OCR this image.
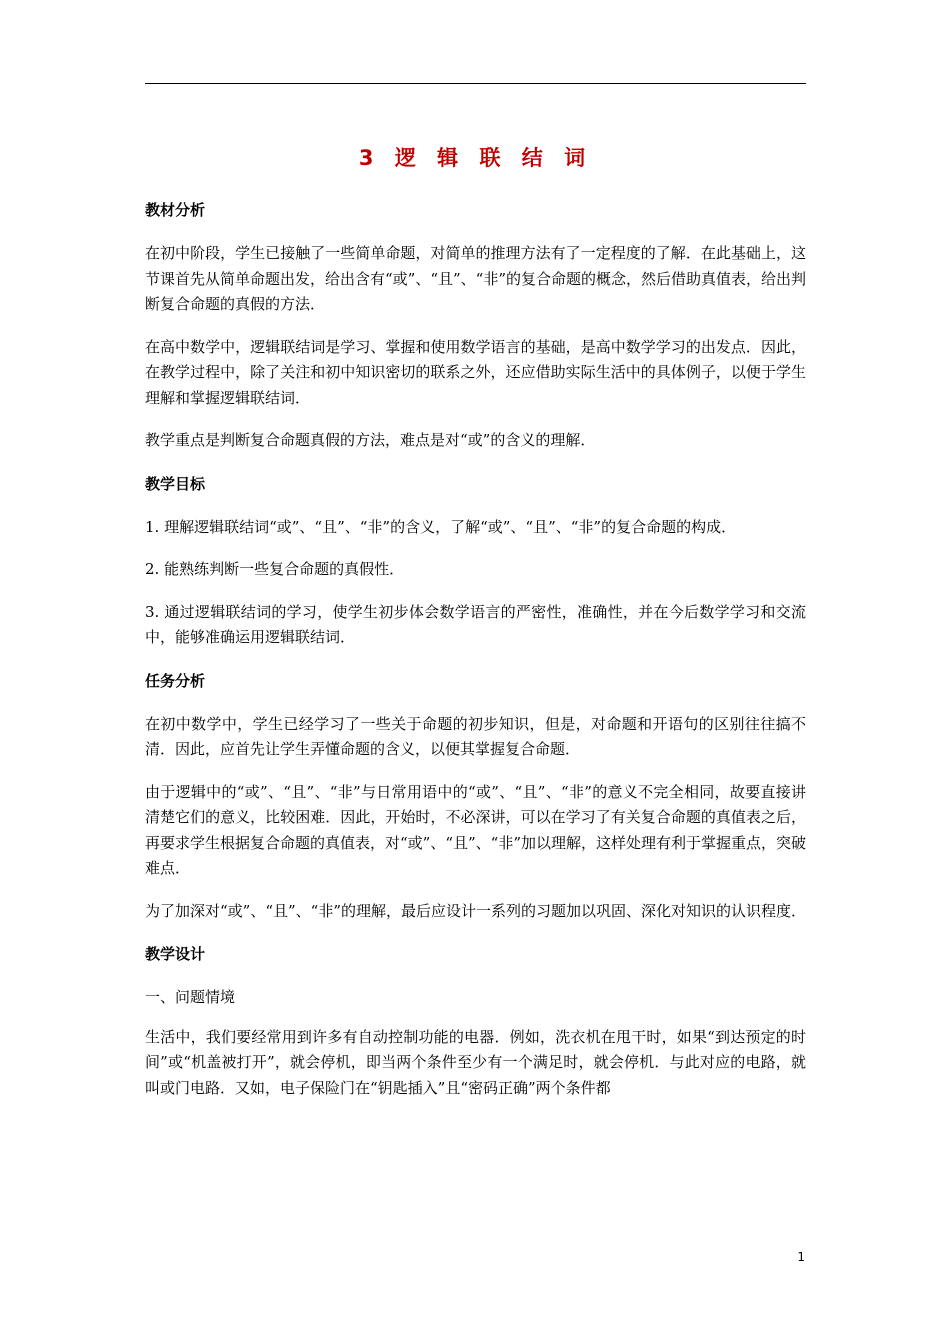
3 逻 辑 联 结 词
教材分析

在初中阶段，学生已接触了一些简单命题，对简单的推理方法有了一定程度的了解．在此基础上，这节课首先从简单命题出发，给出含有“或”、“且”、“非”的复合命题的概念，然后借助真值表，给出判断复合命题的真假的方法．

在高中数学中，逻辑联结词是学习、掌握和使用数学语言的基础，是高中数学学习的出发点．因此，在教学过程中，除了关注和初中知识密切的联系之外，还应借助实际生活中的具体例子，以便于学生理解和掌握逻辑联结词．

教学重点是判断复合命题真假的方法，难点是对“或”的含义的理解．

教学目标

1. 理解逻辑联结词“或”、“且”、“非”的含义，了解“或”、“且”、“非”的复合命题的构成．

2. 能熟练判断一些复合命题的真假性．

3. 通过逻辑联结词的学习，使学生初步体会数学语言的严密性，准确性，并在今后数学学习和交流中，能够准确运用逻辑联结词．

任务分析

在初中数学中，学生已经学习了一些关于命题的初步知识，但是，对命题和开语句的区别往往搞不清．因此，应首先让学生弄懂命题的含义，以便其掌握复合命题．

由于逻辑中的“或”、“且”、“非”与日常用语中的“或”、“且”、“非”的意义不完全相同，故要直接讲清楚它们的意义，比较困难．因此，开始时，不必深讲，可以在学习了有关复合命题的真值表之后，再要求学生根据复合命题的真值表，对“或”、“且”、“非”加以理解，这样处理有利于掌握重点，突破难点．

为了加深对“或”、“且”、“非”的理解，最后应设计一系列的习题加以巩固、深化对知识的认识程度．

教学设计

一、问题情境

生活中，我们要经常用到许多有自动控制功能的电器．例如，洗衣机在甩干时，如果“到达预定的时间”或“机盖被打开”，就会停机，即当两个条件至少有一个满足时，就会停机．与此对应的电路，就叫或门电路．又如，电子保险门在“钥匙插入”且“密码正确”两个条件都

1
